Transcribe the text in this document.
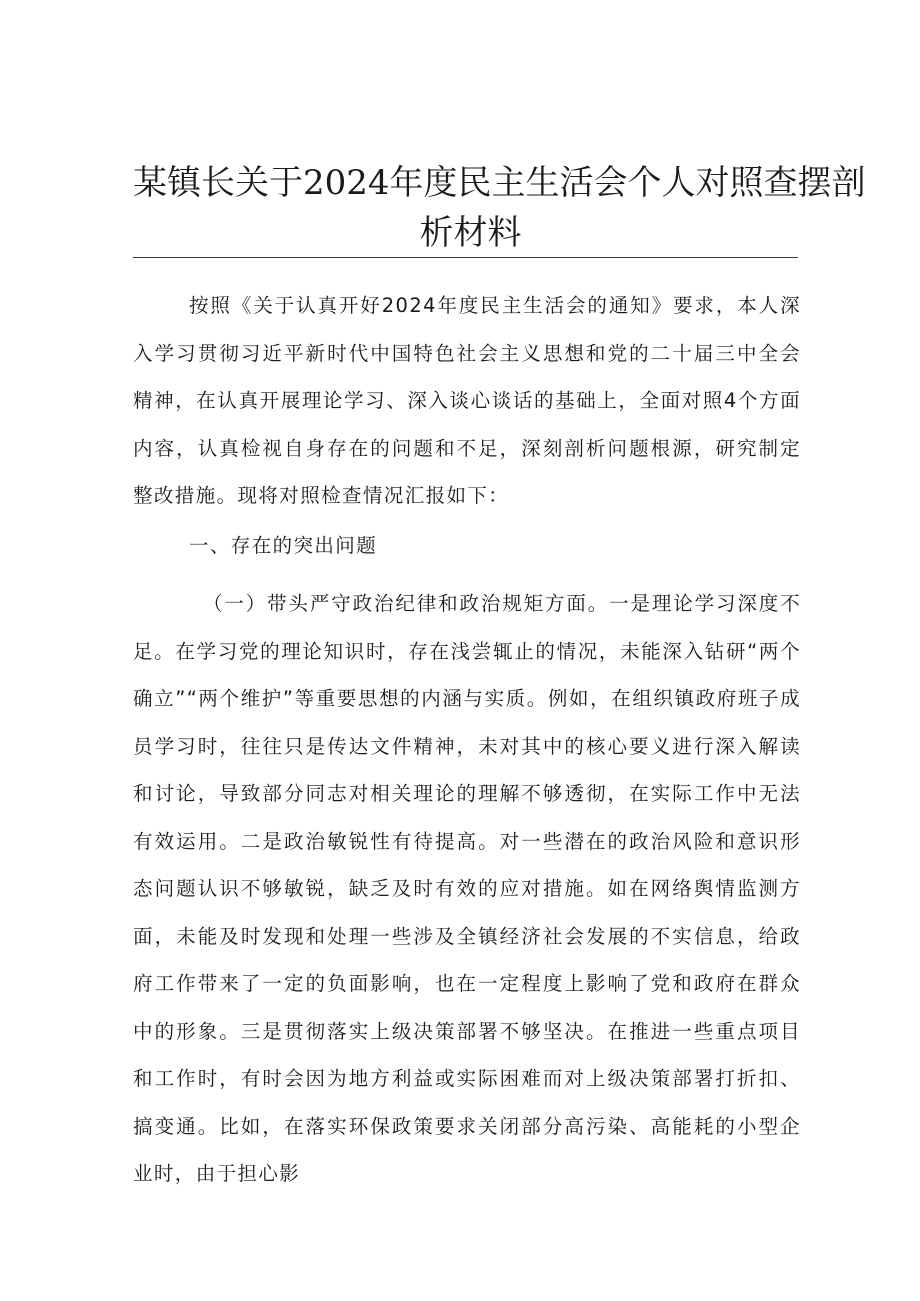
某镇长关于2024年度民主生活会个人对照查摆剖
析材料

按照《关于认真开好2024年度民主生活会的通知》要求，本人深入学习贯彻习近平新时代中国特色社会主义思想和党的二十届三中全会精神，在认真开展理论学习、深入谈心谈话的基础上，全面对照4个方面内容，认真检视自身存在的问题和不足，深刻剖析问题根源，研究制定整改措施。现将对照检查情况汇报如下：

一、存在的突出问题

（一）带头严守政治纪律和政治规矩方面。一是理论学习深度不足。在学习党的理论知识时，存在浅尝辄止的情况，未能深入钻研“两个确立”“两个维护”等重要思想的内涵与实质。例如，在组织镇政府班子成员学习时，往往只是传达文件精神，未对其中的核心要义进行深入解读和讨论，导致部分同志对相关理论的理解不够透彻，在实际工作中无法有效运用。二是政治敏锐性有待提高。对一些潜在的政治风险和意识形态问题认识不够敏锐，缺乏及时有效的应对措施。如在网络舆情监测方面，未能及时发现和处理一些涉及全镇经济社会发展的不实信息，给政府工作带来了一定的负面影响，也在一定程度上影响了党和政府在群众中的形象。三是贯彻落实上级决策部署不够坚决。在推进一些重点项目和工作时，有时会因为地方利益或实际困难而对上级决策部署打折扣、搞变通。比如，在落实环保政策要求关闭部分高污染、高能耗的小型企业时，由于担心影
